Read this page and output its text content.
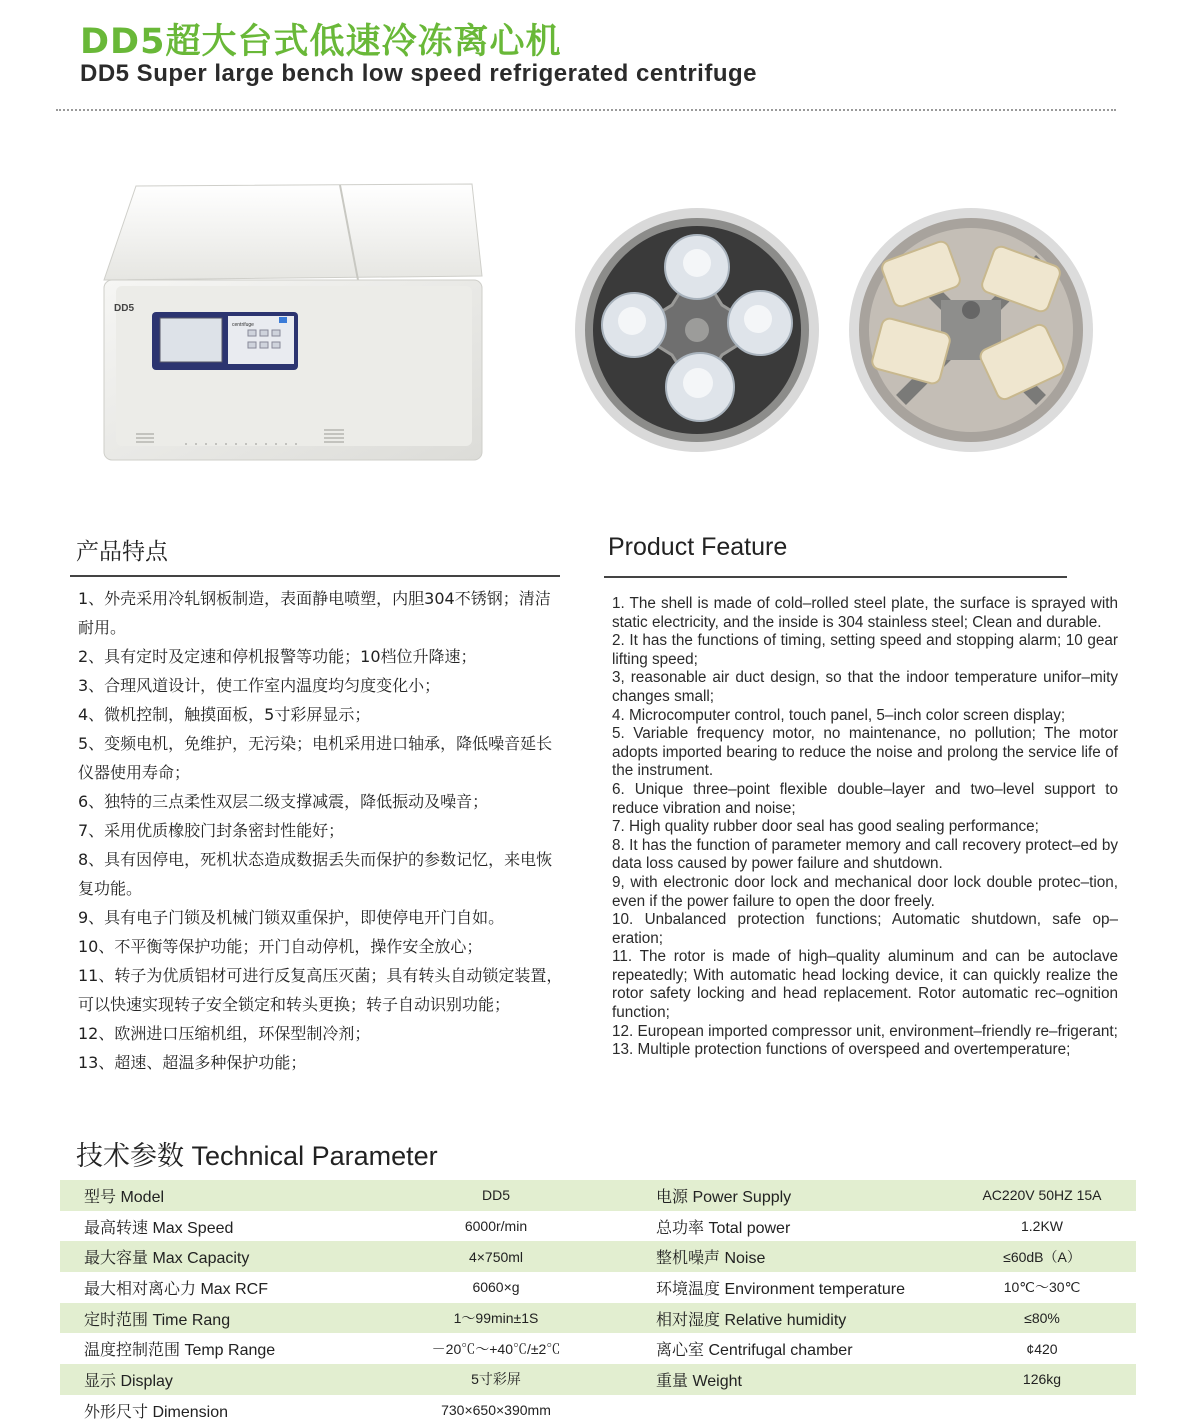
DD5超大台式低速冷冻离心机
DD5 Super large bench low speed refrigerated centrifuge
DD5
centrifuge
产品特点
1、外壳采用冷轧钢板制造，表面静电喷塑，内胆304不锈钢；清洁耐用。
2、具有定时及定速和停机报警等功能；10档位升降速；
3、合理风道设计，使工作室内温度均匀度变化小；
4、微机控制，触摸面板，5寸彩屏显示；
5、变频电机，免维护，无污染；电机采用进口轴承，降低噪音延长仪器使用寿命；
6、独特的三点柔性双层二级支撑减震，降低振动及噪音；
7、采用优质橡胶门封条密封性能好；
8、具有因停电，死机状态造成数据丢失而保护的参数记忆，来电恢复功能。
9、具有电子门锁及机械门锁双重保护，即使停电开门自如。
10、不平衡等保护功能；开门自动停机，操作安全放心；
11、转子为优质铝材可进行反复高压灭菌；具有转头自动锁定装置，可以快速实现转子安全锁定和转头更换；转子自动识别功能；
12、欧洲进口压缩机组，环保型制冷剂；
13、超速、超温多种保护功能；
Product Feature
1. The shell is made of cold–rolled steel plate, the surface is sprayed with static electricity, and the inside is 304 stainless steel; Clean and durable.
2. It has the functions of timing, setting speed and stopping alarm; 10 gear lifting speed;
3, reasonable air duct design, so that the indoor temperature unifor–mity changes small;
4. Microcomputer control, touch panel, 5–inch color screen display;
5. Variable frequency motor, no maintenance, no pollution; The motor adopts imported bearing to reduce the noise and prolong the service life of the instrument.
6. Unique three–point flexible double–layer and two–level support to reduce vibration and noise;
7. High quality rubber door seal has good sealing performance;
8. It has the function of parameter memory and call recovery protect–ed by data loss caused by power failure and shutdown.
9, with electronic door lock and mechanical door lock double protec–tion, even if the power failure to open the door freely.
10. Unbalanced protection functions; Automatic shutdown, safe op–eration;
11. The rotor is made of high–quality aluminum and can be autoclave repeatedly; With automatic head locking device, it can quickly realize the rotor safety locking and head replacement. Rotor automatic rec–ognition function;
12. European imported compressor unit, environment–friendly re–frigerant;
13. Multiple protection functions of overspeed and overtemperature;
技术参数 Technical Parameter
型号 Model	DD5	电源 Power Supply	AC220V 50HZ 15A
最高转速 Max Speed	6000r/min	总功率 Total power	1.2KW
最大容量 Max Capacity	4×750ml	整机噪声 Noise	≤60dB（A）
最大相对离心力 Max RCF	6060×g	环境温度 Environment temperature	10℃～30℃
定时范围 Time Rang	1～99min±1S	相对湿度 Relative humidity	≤80%
温度控制范围 Temp Range	－20℃～+40℃/±2℃	离心室 Centrifugal chamber	¢420
显示 Display	5寸彩屏	重量 Weight	126kg
外形尺寸 Dimension	730×650×390mm		
